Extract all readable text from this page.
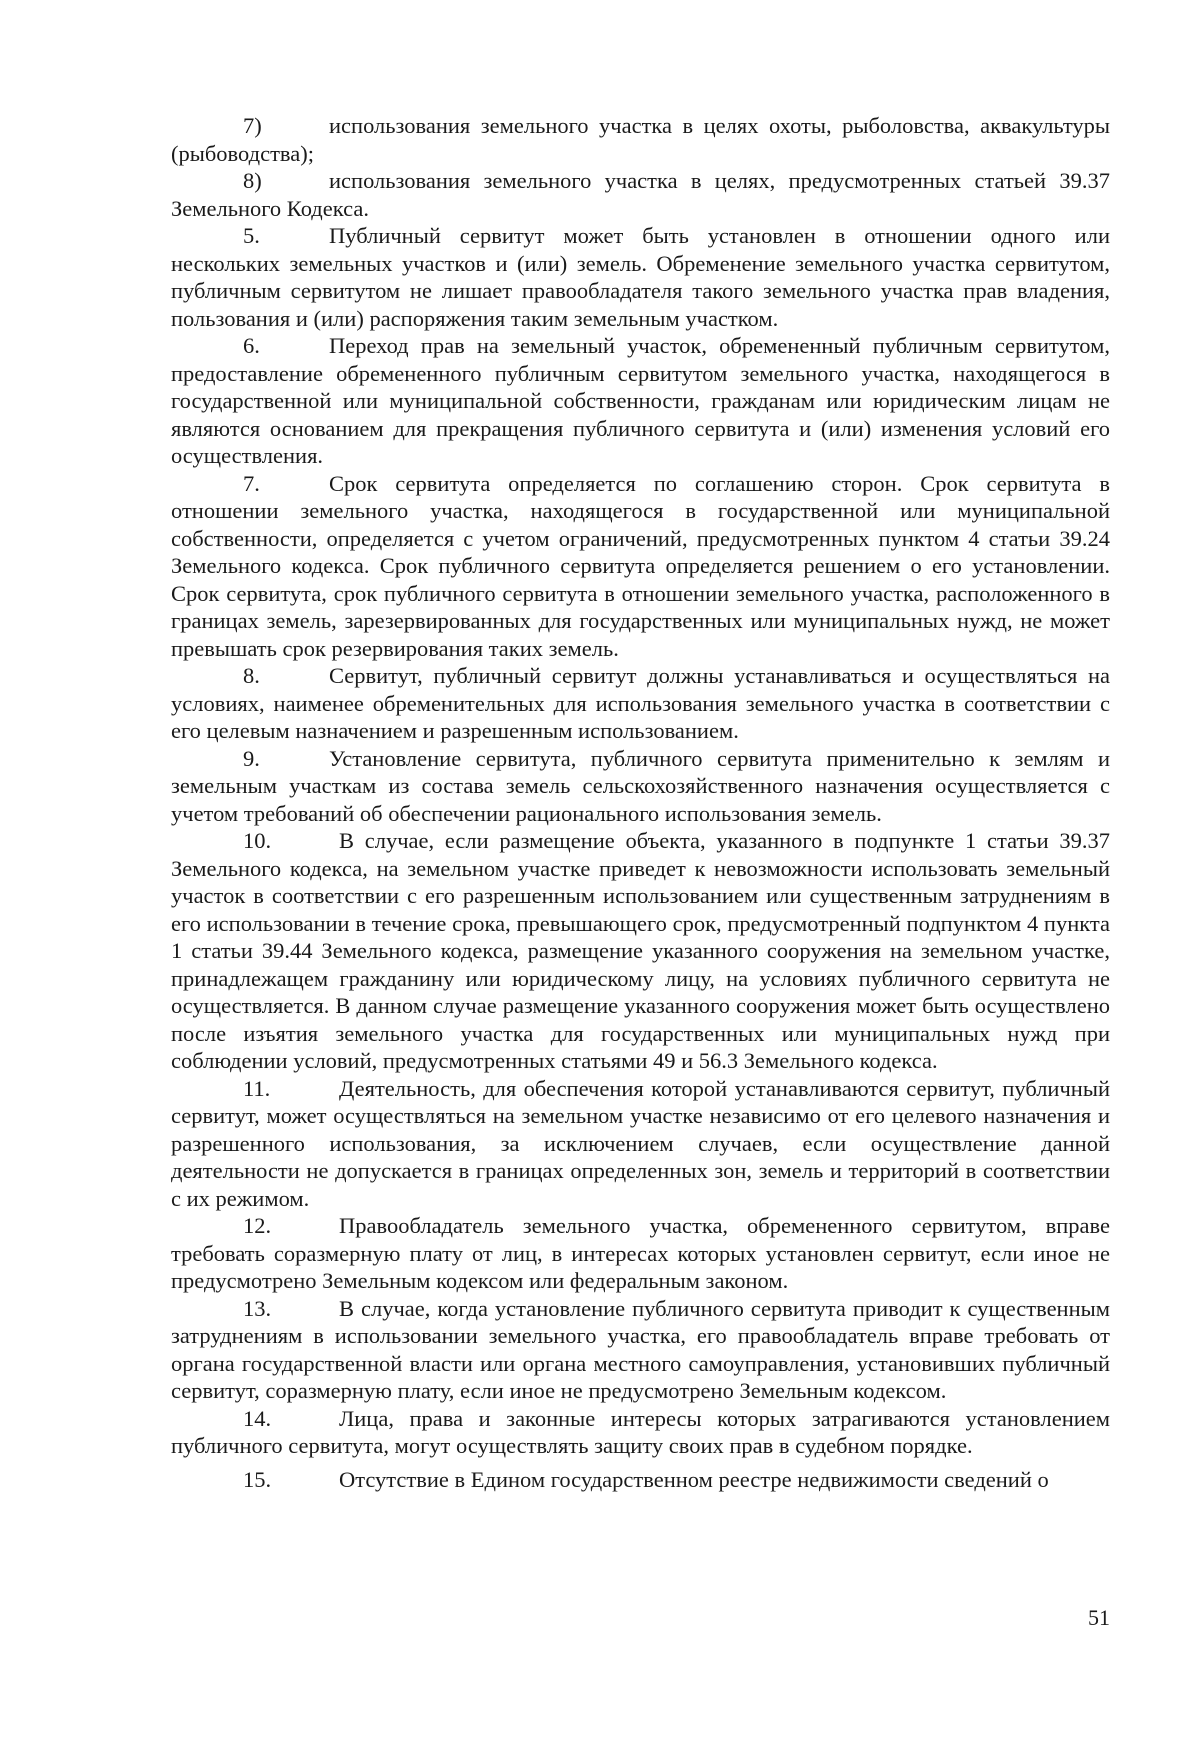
7)	использования земельного участка в целях охоты, рыболовства, аквакультуры (рыбоводства);

8)	использования земельного участка в целях, предусмотренных статьей 39.37 Земельного Кодекса.

5.	Публичный сервитут может быть установлен в отношении одного или нескольких земельных участков и (или) земель. Обременение земельного участка сервитутом, публичным сервитутом не лишает правообладателя такого земельного участка прав владения, пользования и (или) распоряжения таким земельным участком.

6.	Переход прав на земельный участок, обремененный публичным сервитутом, предоставление обремененного публичным сервитутом земельного участка, находящегося в государственной или муниципальной собственности, гражданам или юридическим лицам не являются основанием для прекращения публичного сервитута и (или) изменения условий его осуществления.

7.	Срок сервитута определяется по соглашению сторон. Срок сервитута в отношении земельного участка, находящегося в государственной или муниципальной собственности, определяется с учетом ограничений, предусмотренных пунктом 4 статьи 39.24 Земельного кодекса. Срок публичного сервитута определяется решением о его установлении. Срок сервитута, срок публичного сервитута в отношении земельного участка, расположенного в границах земель, зарезервированных для государственных или муниципальных нужд, не может превышать срок резервирования таких земель.

8.	Сервитут, публичный сервитут должны устанавливаться и осуществляться на условиях, наименее обременительных для использования земельного участка в соответствии с его целевым назначением и разрешенным использованием.

9.	Установление сервитута, публичного сервитута применительно к землям и земельным участкам из состава земель сельскохозяйственного назначения осуществляется с учетом требований об обеспечении рационального использования земель.

10.	В случае, если размещение объекта, указанного в подпункте 1 статьи 39.37 Земельного кодекса, на земельном участке приведет к невозможности использовать земельный участок в соответствии с его разрешенным использованием или существенным затруднениям в его использовании в течение срока, превышающего срок, предусмотренный подпунктом 4 пункта 1 статьи 39.44 Земельного кодекса, размещение указанного сооружения на земельном участке, принадлежащем гражданину или юридическому лицу, на условиях публичного сервитута не осуществляется. В данном случае размещение указанного сооружения может быть осуществлено после изъятия земельного участка для государственных или муниципальных нужд при соблюдении условий, предусмотренных статьями 49 и 56.3 Земельного кодекса.

11.	Деятельность, для обеспечения которой устанавливаются сервитут, публичный сервитут, может осуществляться на земельном участке независимо от его целевого назначения и разрешенного использования, за исключением случаев, если осуществление данной деятельности не допускается в границах определенных зон, земель и территорий в соответствии с их режимом.

12.	Правообладатель земельного участка, обремененного сервитутом, вправе требовать соразмерную плату от лиц, в интересах которых установлен сервитут, если иное не предусмотрено Земельным кодексом или федеральным законом.

13.	В случае, когда установление публичного сервитута приводит к существенным затруднениям в использовании земельного участка, его правообладатель вправе требовать от органа государственной власти или органа местного самоуправления, установивших публичный сервитут, соразмерную плату, если иное не предусмотрено Земельным кодексом.

14.	Лица, права и законные интересы которых затрагиваются установлением публичного сервитута, могут осуществлять защиту своих прав в судебном порядке.

15.	Отсутствие в Едином государственном реестре недвижимости сведений о

51
